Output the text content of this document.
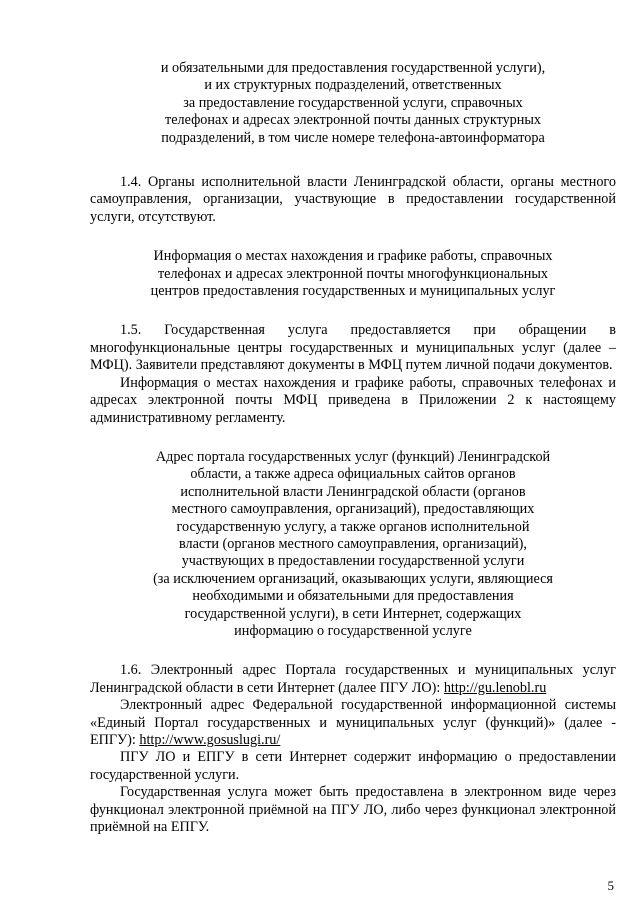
и обязательными для предоставления государственной услуги),
и их структурных подразделений, ответственных
за предоставление государственной услуги, справочных
телефонах и адресах электронной почты данных структурных
подразделений, в том числе номере телефона-автоинформатора
1.4. Органы исполнительной власти Ленинградской области, органы местного самоуправления, организации, участвующие в предоставлении государственной услуги, отсутствуют.
Информация о местах нахождения и графике работы, справочных
телефонах и адресах электронной почты многофункциональных
центров предоставления государственных и муниципальных услуг
1.5. Государственная услуга предоставляется при обращении в многофункциональные центры государственных и муниципальных услуг (далее – МФЦ). Заявители представляют документы в МФЦ путем личной подачи документов.
Информация о местах нахождения и графике работы, справочных телефонах и адресах электронной почты МФЦ приведена в Приложении 2 к настоящему административному регламенту.
Адрес портала государственных услуг (функций) Ленинградской
области, а также адреса официальных сайтов органов
исполнительной власти Ленинградской области (органов
местного самоуправления, организаций), предоставляющих
государственную услугу, а также органов исполнительной
власти (органов местного самоуправления, организаций),
участвующих в предоставлении государственной услуги
(за исключением организаций, оказывающих услуги, являющиеся
необходимыми и обязательными для предоставления
государственной услуги), в сети Интернет, содержащих
информацию о государственной услуге
1.6. Электронный адрес Портала государственных и муниципальных услуг Ленинградской области в сети Интернет (далее ПГУ ЛО): http://gu.lenobl.ru
Электронный адрес Федеральной государственной информационной системы «Единый Портал государственных и муниципальных услуг (функций)» (далее - ЕПГУ): http://www.gosuslugi.ru/
ПГУ ЛО и ЕПГУ в сети Интернет содержит информацию о предоставлении государственной услуги.
Государственная услуга может быть предоставлена в электронном виде через функционал электронной приёмной на ПГУ ЛО, либо через функционал электронной приёмной на ЕПГУ.
5
